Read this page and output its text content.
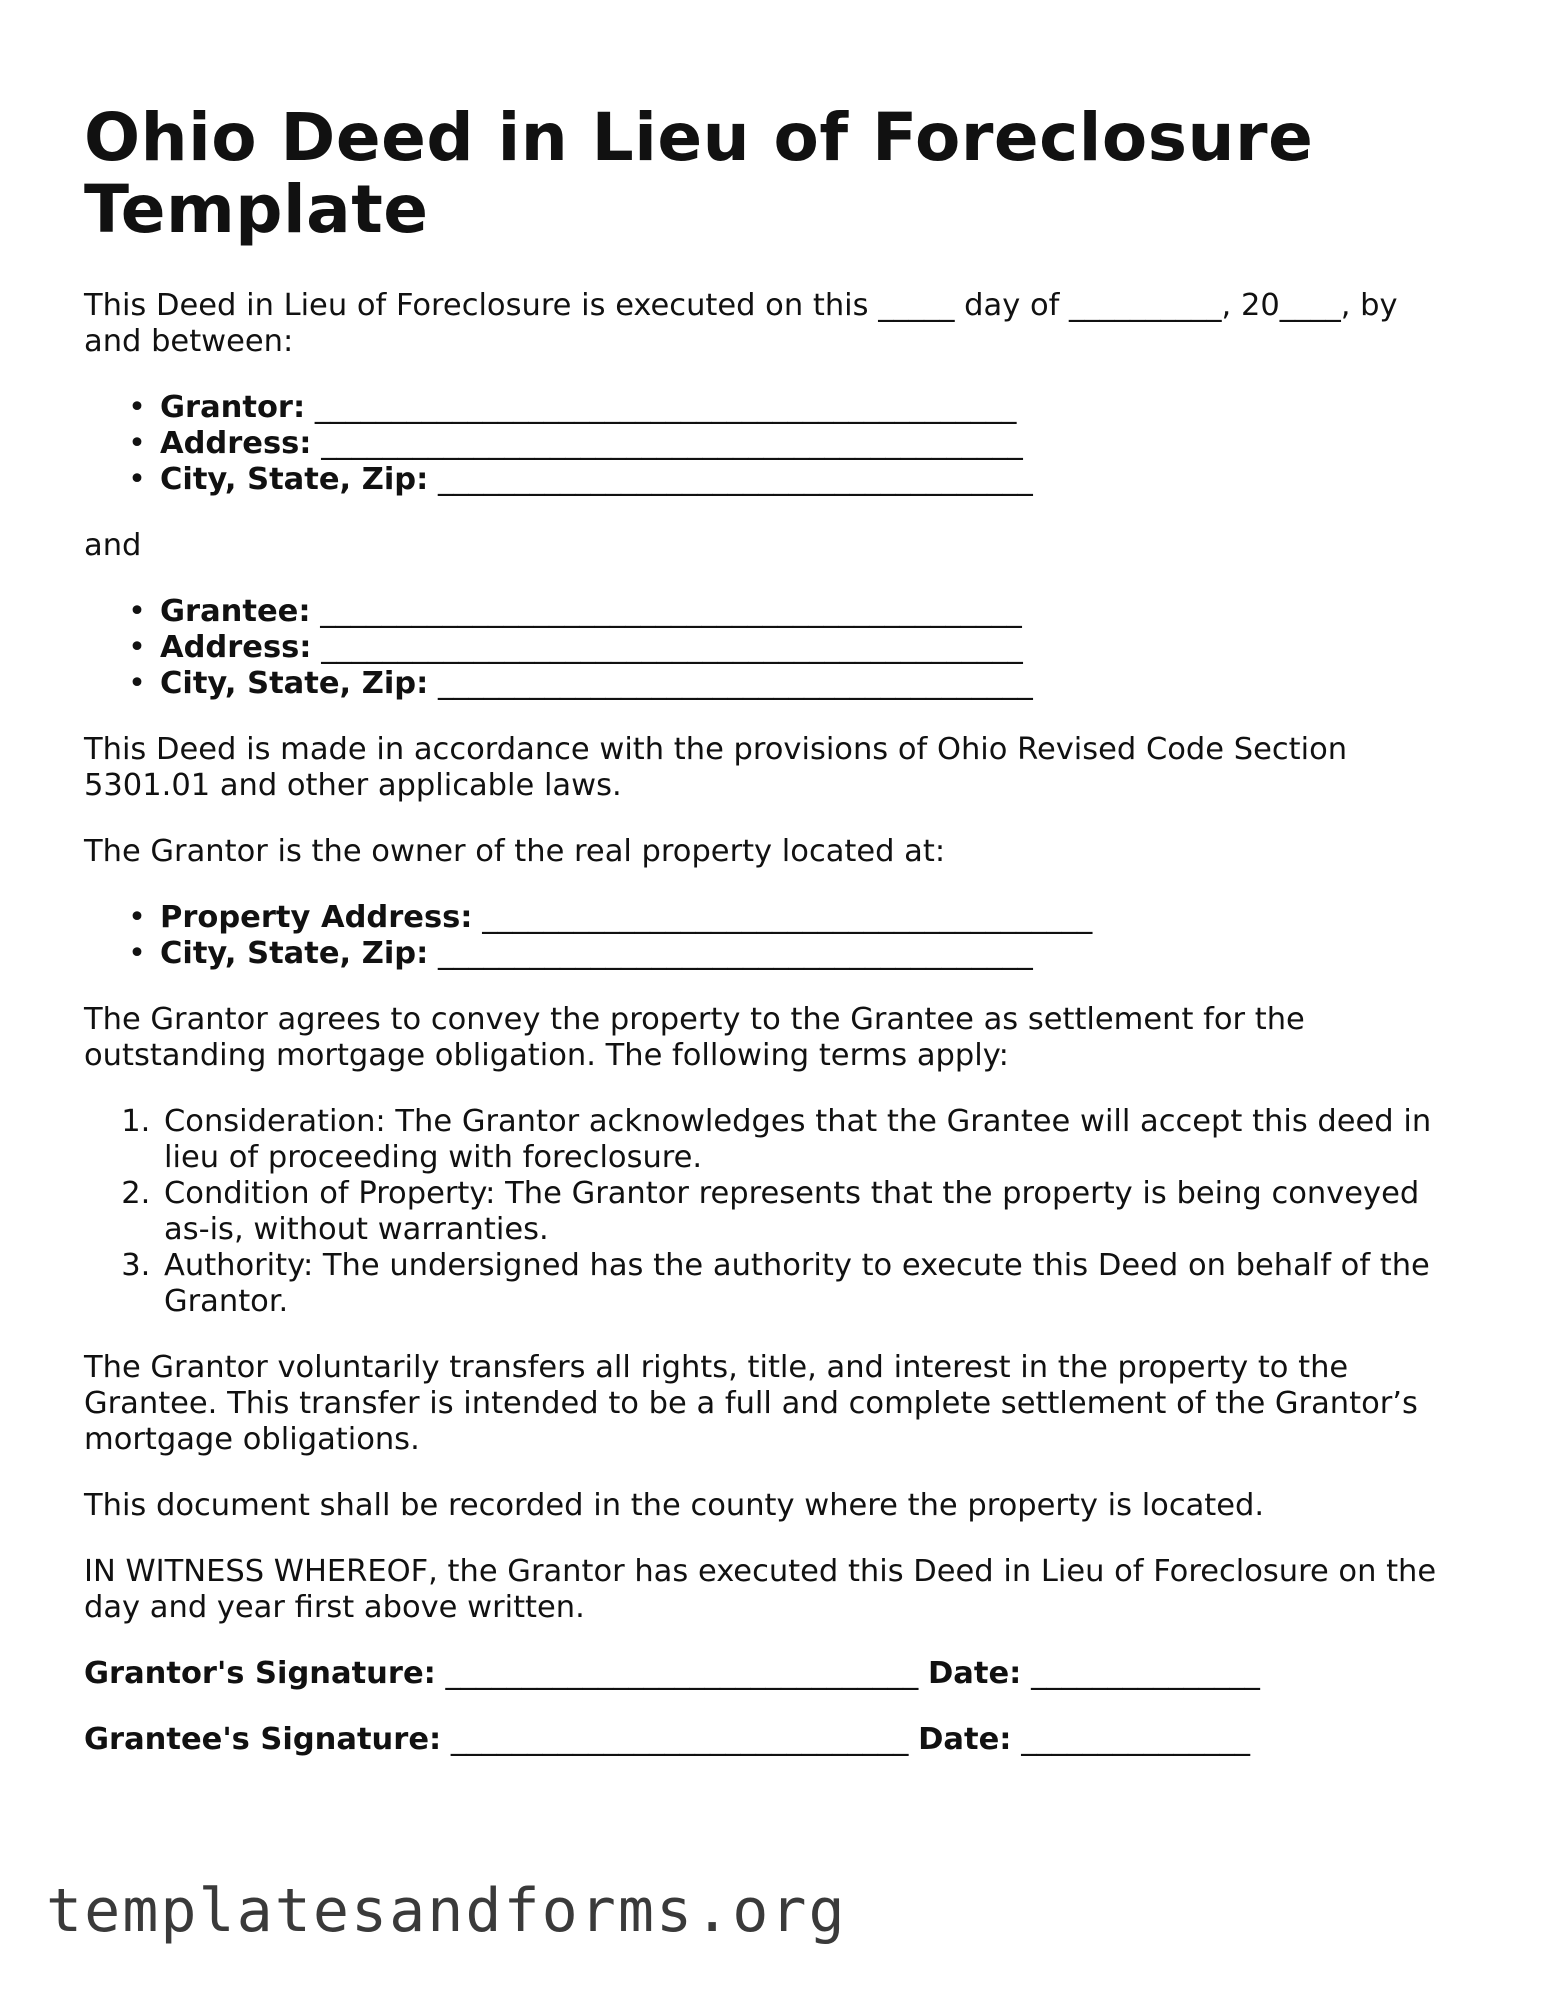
Ohio Deed in Lieu of Foreclosure Template

This Deed in Lieu of Foreclosure is executed on this _____ day of __________, 20____, by and between:

• Grantor: ______________________________________________
• Address: ______________________________________________
• City, State, Zip: _______________________________________

and

• Grantee: ______________________________________________
• Address: ______________________________________________
• City, State, Zip: _______________________________________

This Deed is made in accordance with the provisions of Ohio Revised Code Section 5301.01 and other applicable laws.

The Grantor is the owner of the real property located at:

• Property Address: ________________________________________
• City, State, Zip: _______________________________________

The Grantor agrees to convey the property to the Grantee as settlement for the outstanding mortgage obligation. The following terms apply:

1. Consideration: The Grantor acknowledges that the Grantee will accept this deed in lieu of proceeding with foreclosure.
2. Condition of Property: The Grantor represents that the property is being conveyed as-is, without warranties.
3. Authority: The undersigned has the authority to execute this Deed on behalf of the Grantor.

The Grantor voluntarily transfers all rights, title, and interest in the property to the Grantee. This transfer is intended to be a full and complete settlement of the Grantor’s mortgage obligations.

This document shall be recorded in the county where the property is located.

IN WITNESS WHEREOF, the Grantor has executed this Deed in Lieu of Foreclosure on the day and year first above written.

Grantor's Signature: _______________________________ Date: _______________

Grantee's Signature: ______________________________ Date: _______________

templatesandforms.org
